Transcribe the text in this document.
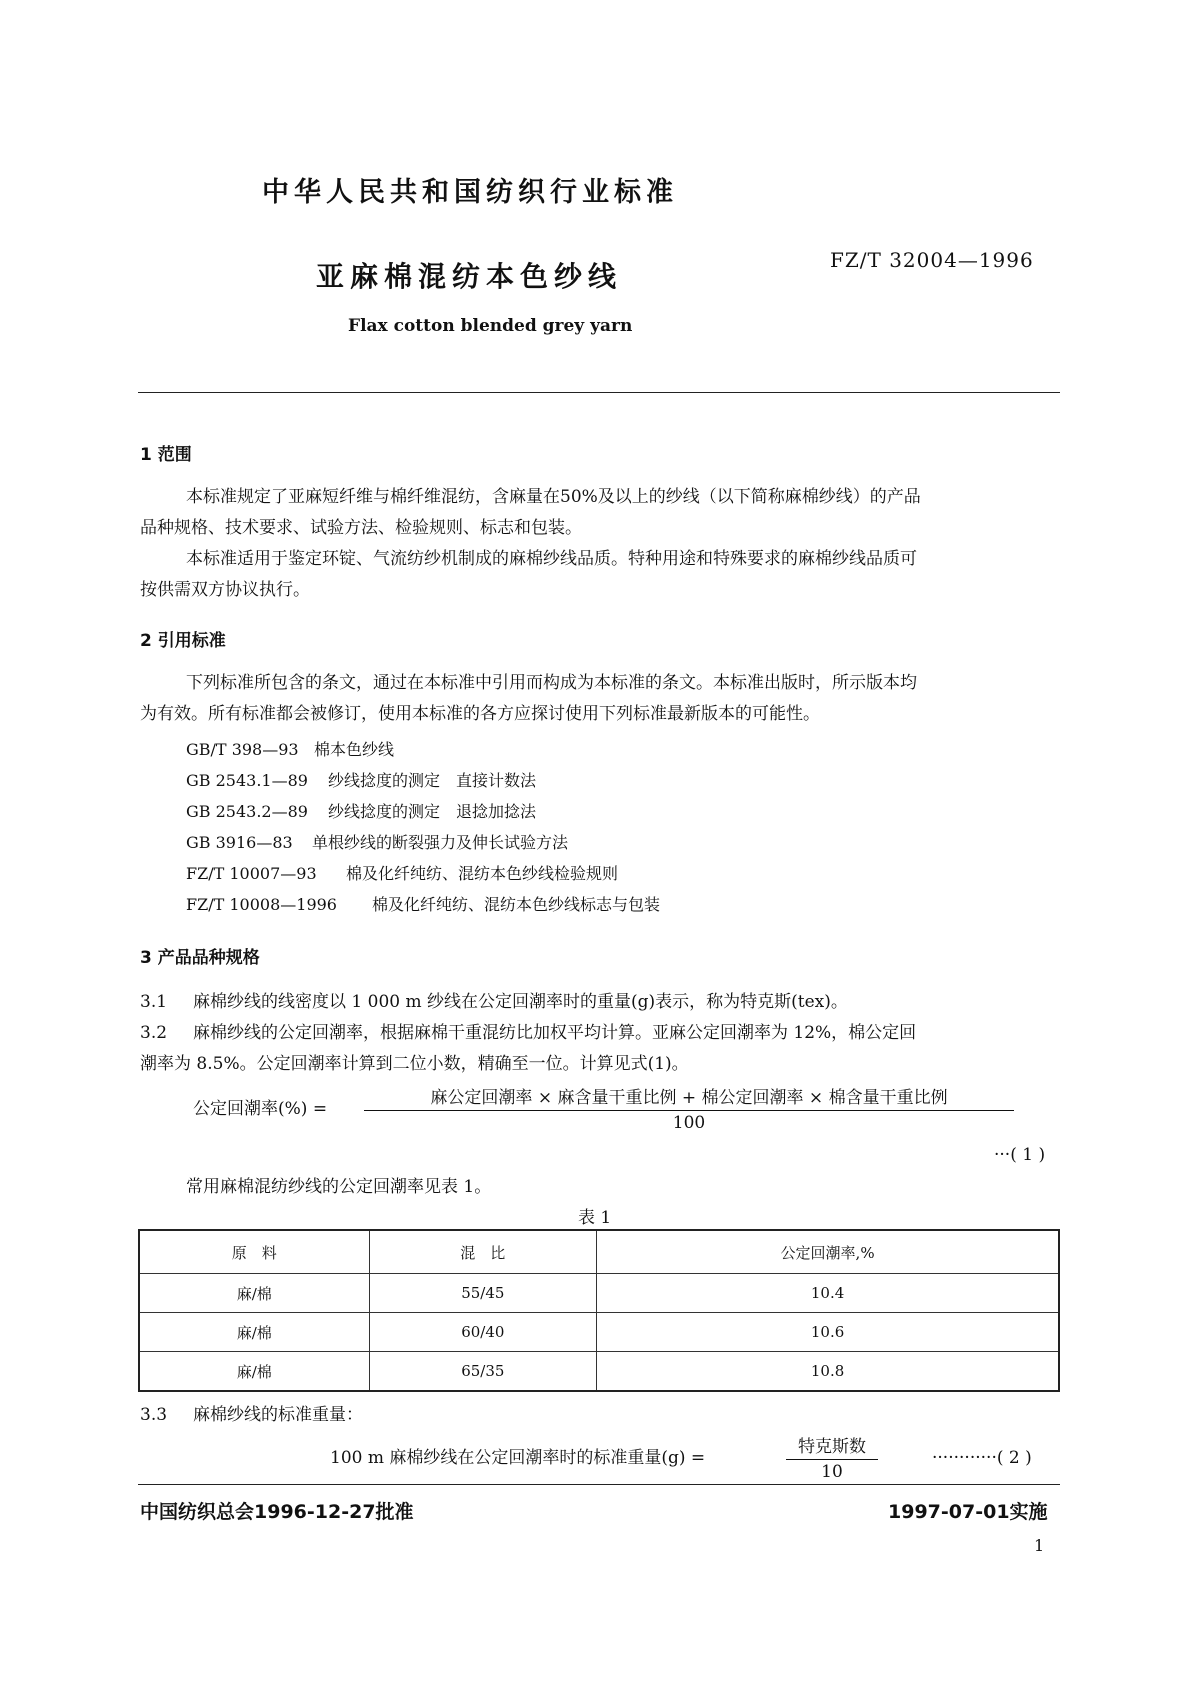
中华人民共和国纺织行业标准
亚麻棉混纺本色纱线	FZ/T 32004—1996
Flax cotton blended grey yarn
1 范围
本标准规定了亚麻短纤维与棉纤维混纺，含麻量在50%及以上的纱线（以下简称麻棉纱线）的产品
品种规格、技术要求、试验方法、检验规则、标志和包装。
本标准适用于鉴定环锭、气流纺纱机制成的麻棉纱线品质。特种用途和特殊要求的麻棉纱线品质可
按供需双方协议执行。
2 引用标准
下列标准所包含的条文，通过在本标准中引用而构成为本标准的条文。本标准出版时，所示版本均
为有效。所有标准都会被修订，使用本标准的各方应探讨使用下列标准最新版本的可能性。
GB/T 398—93 棉本色纱线
GB 2543.1—89 纱线捻度的测定　直接计数法
GB 2543.2—89 纱线捻度的测定　退捻加捻法
GB 3916—83 单根纱线的断裂强力及伸长试验方法
FZ/T 10007—93 棉及化纤纯纺、混纺本色纱线检验规则
FZ/T 10008—1996 棉及化纤纯纺、混纺本色纱线标志与包装
3 产品品种规格
3.1 麻棉纱线的线密度以 1 000 m 纱线在公定回潮率时的重量(g)表示，称为特克斯(tex)。
3.2 麻棉纱线的公定回潮率，根据麻棉干重混纺比加权平均计算。亚麻公定回潮率为 12%，棉公定回
潮率为 8.5%。公定回潮率计算到二位小数，精确至一位。计算见式(1)。
公定回潮率(%) =
麻公定回潮率 × 麻含量干重比例 + 棉公定回潮率 × 棉含量干重比例
100
···( 1 )
常用麻棉混纺纱线的公定回潮率见表 1。
表 1
原　料	混　比	公定回潮率,%
麻/棉	55/45	10.4
麻/棉	60/40	10.6
麻/棉	65/35	10.8
3.3 麻棉纱线的标准重量：
100 m 麻棉纱线在公定回潮率时的标准重量(g) =
特克斯数
10
············( 2 )
中国纺织总会1996-12-27批准	1997-07-01实施
1
